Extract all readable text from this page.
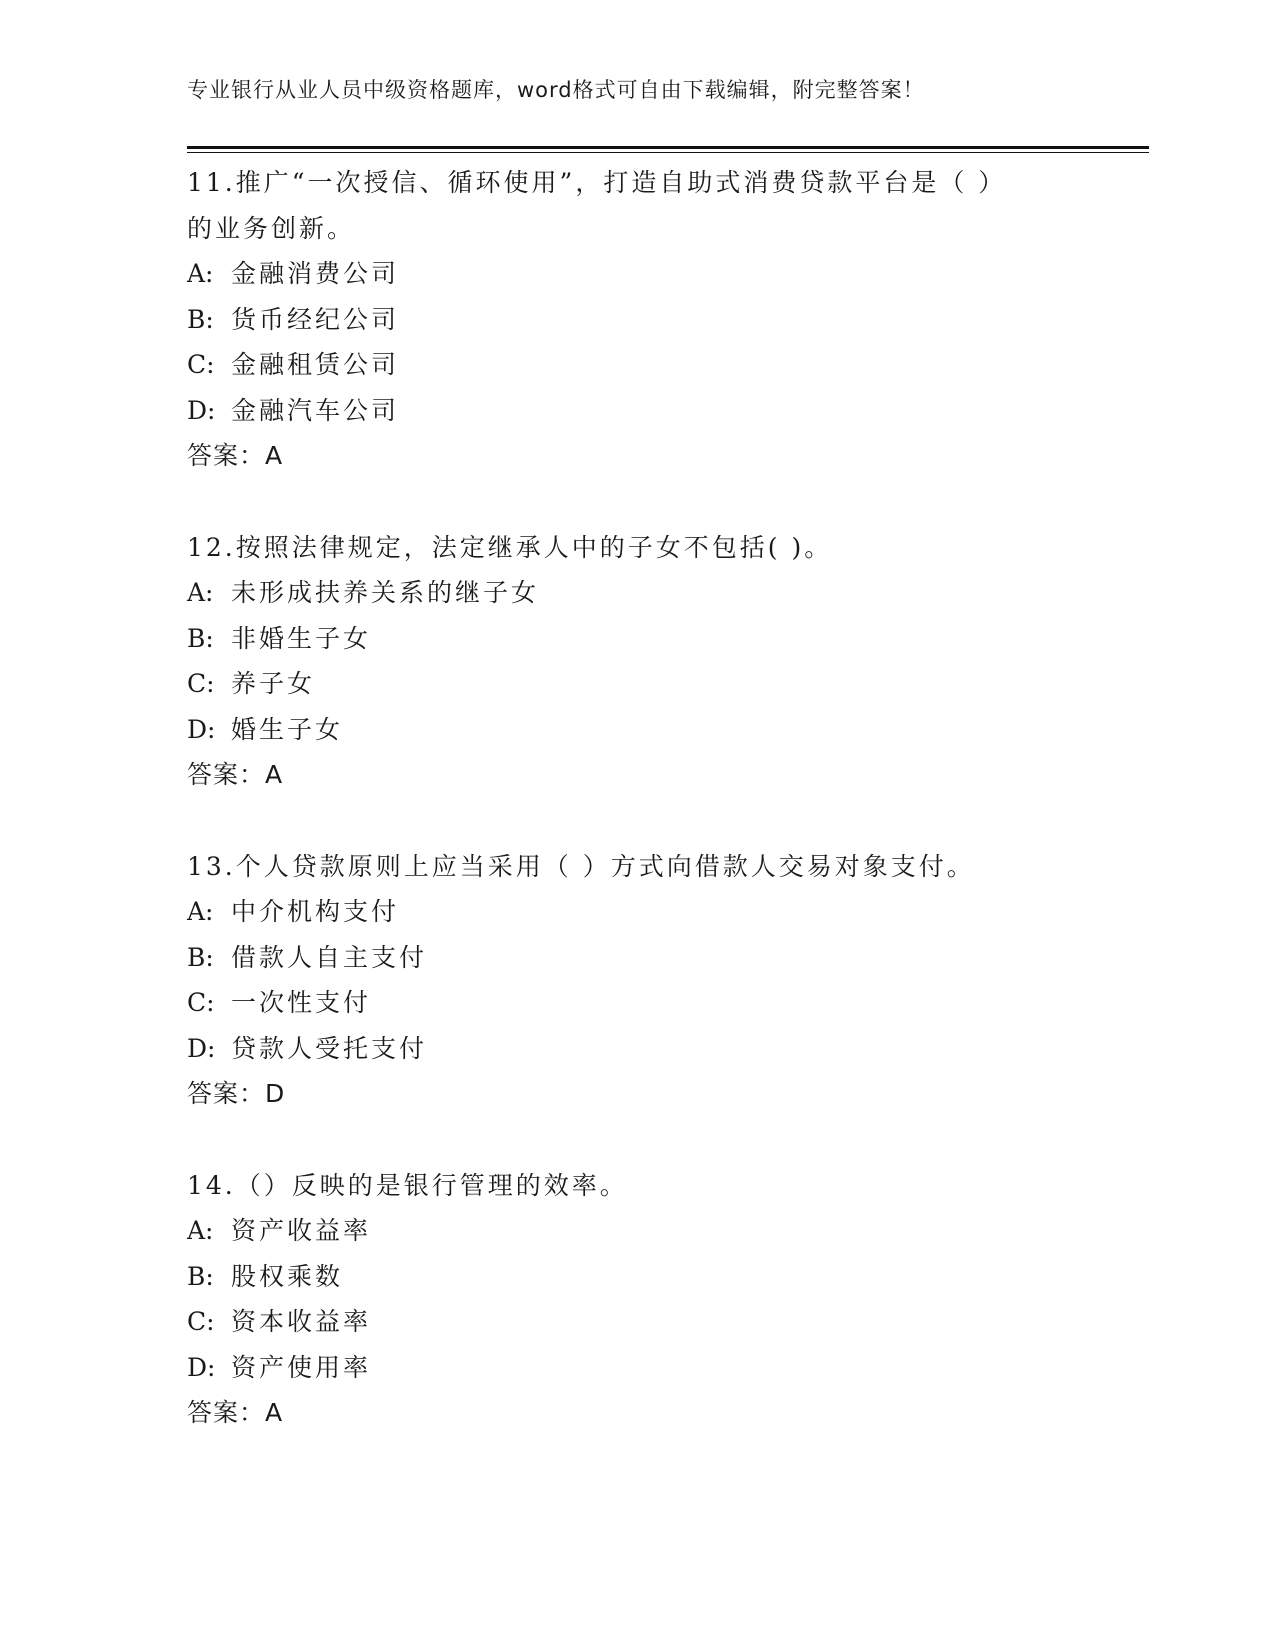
专业银行从业人员中级资格题库，word格式可自由下载编辑，附完整答案！
11.推广“一次授信、循环使用”，打造自助式消费贷款平台是（ ）
的业务创新。
A: 金融消费公司
B: 货币经纪公司
C: 金融租赁公司
D: 金融汽车公司
答案：A
12.按照法律规定，法定继承人中的子女不包括( )。
A: 未形成扶养关系的继子女
B: 非婚生子女
C: 养子女
D: 婚生子女
答案：A
13.个人贷款原则上应当采用（ ）方式向借款人交易对象支付。
A: 中介机构支付
B: 借款人自主支付
C: 一次性支付
D: 贷款人受托支付
答案：D
14.（）反映的是银行管理的效率。
A: 资产收益率
B: 股权乘数
C: 资本收益率
D: 资产使用率
答案：A
